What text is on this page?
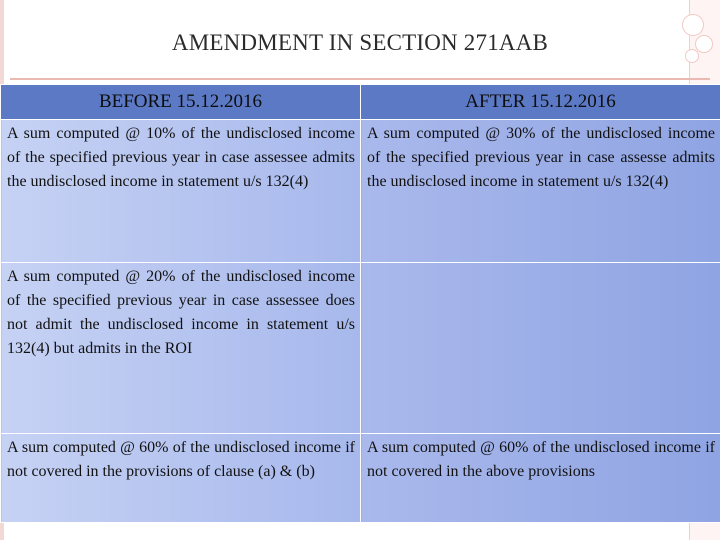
AMENDMENT IN SECTION 271AAB
BEFORE 15.12.2016	AFTER 15.12.2016
A sum computed @ 10% of the undisclosed income of the specified previous year in case assessee admits the undisclosed income in statement u/s 132(4)	A sum computed @ 30% of the undisclosed income of the specified previous year in case assesse admits the undisclosed income in statement u/s 132(4)
A sum computed @ 20% of the undisclosed income of the specified previous year in case assessee does not admit the undisclosed income in statement u/s 132(4) but admits in the ROI	
A sum computed @ 60% of the undisclosed income if not covered in the provisions of clause (a) & (b)	A sum computed @ 60% of the undisclosed income if not covered in the above provisions
